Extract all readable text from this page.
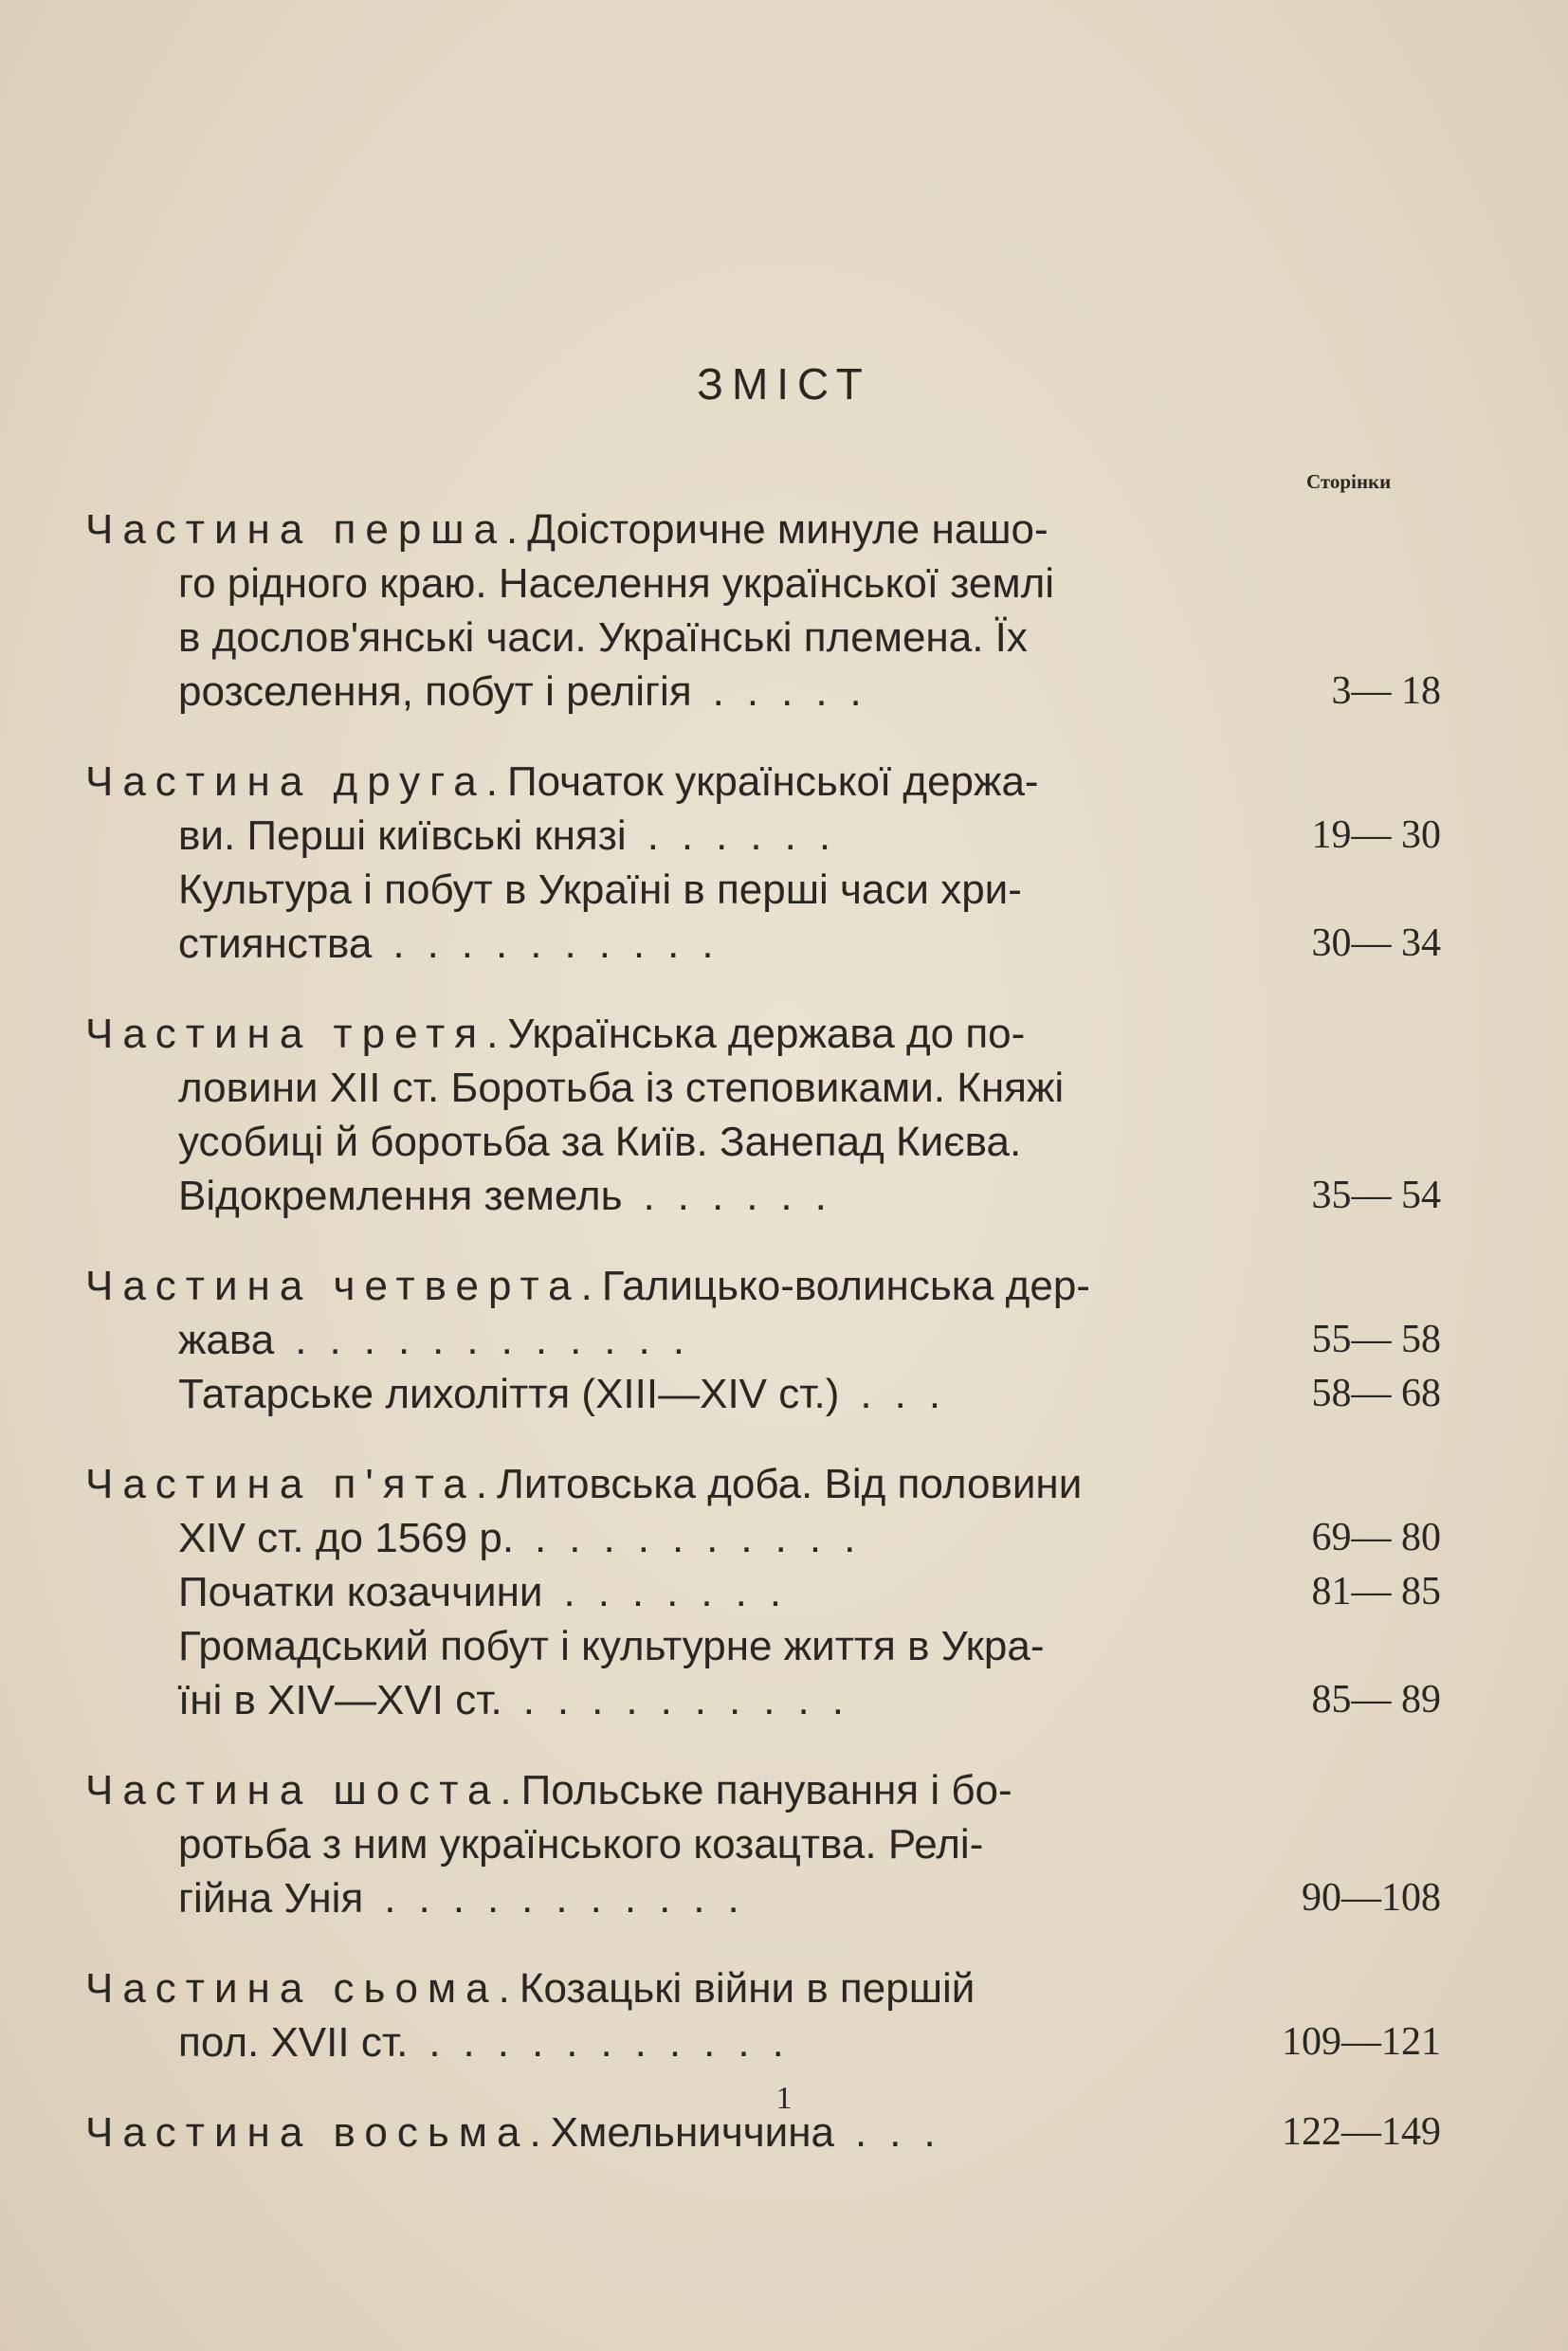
ЗМІСТ
Сторінки
Частина перша.Доісторичне минуле нашо-
го рідного краю. Населення української землі
в дослов'янські часи. Українські племена. Їх
розселення, побут і релігія .....	3— 18
Частина друга.Початок української держа-
ви. Перші київські князі ......	19— 30
Культура і побут в Україні в перші часи хри-
стиянства ..........	30— 34
Частина третя.Українська держава до по-
ловини XII ст. Боротьба із степовиками. Княжі
усобиці й боротьба за Київ. Занепад Києва.
Відокремлення земель ......	35— 54
Частина четверта.Галицько-волинська дер-
жава ............	55— 58
Татарське лихоліття (XIII—XIV ст.) ...	58— 68
Частина п'ята.Литовська доба. Від половини
XIV ст. до 1569 р. ..........	69— 80
Початки козаччини .......	81— 85
Громадський побут і культурне життя в Укра-
їні в XIV—XVI ст. ..........	85— 89
Частина шоста.Польське панування і бо-
ротьба з ним українського козацтва. Релі-
гійна Унія ...........	90—108
Частина сьома.Козацькі війни в першій
пол. XVII ст. ...........	109—121
Частина восьма.Хмельниччина ...	122—149
1
